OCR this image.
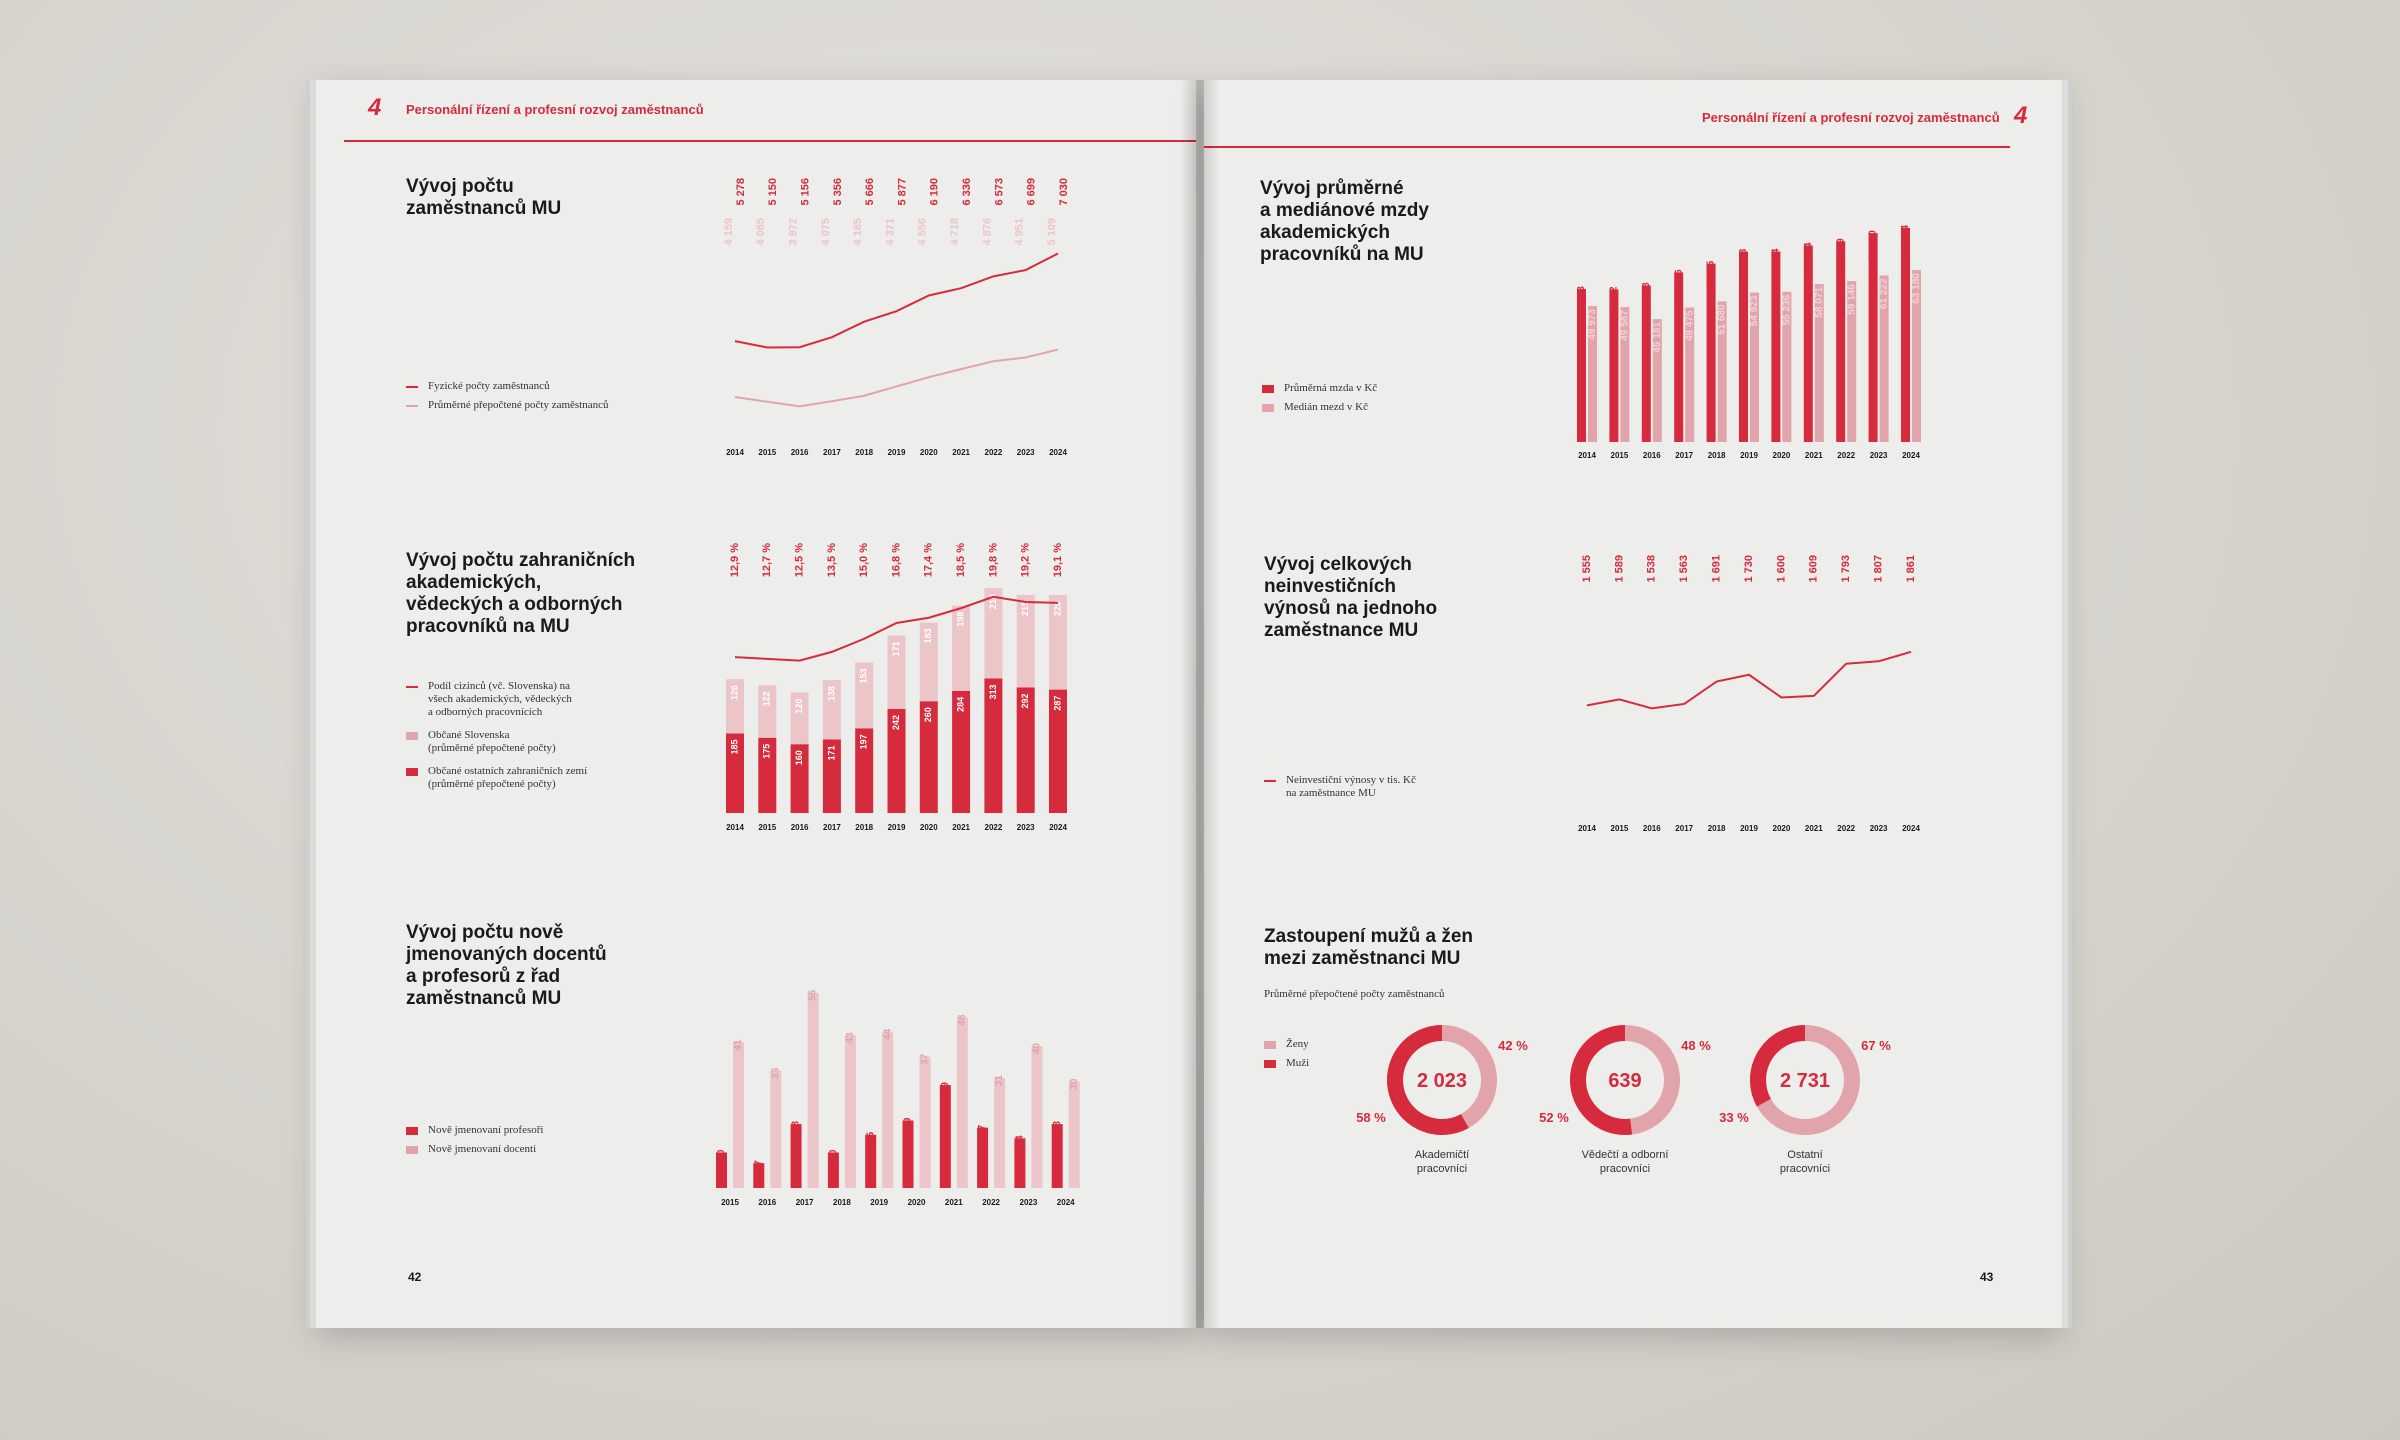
4 Personální řízení a profesní rozvoj zaměstnanců
Vývoj počtu
zaměstnanců MU
Fyzické počty zaměstnanců
Průměrné přepočtené počty zaměstnanců
Vývoj počtu zahraničních
akademických,
vědeckých a odborných
pracovníků na MU
Podíl cizinců (vč. Slovenska) na
všech akademických, vědeckých
a odborných pracovnících
Občané Slovenska
(průměrné přepočtené počty)
Občané ostatních zahraničních zemí
(průměrné přepočtené počty)
Vývoj počtu nově
jmenovaných docentů
a profesorů z řad
zaměstnanců MU
Nově jmenovaní profesoři
Nově jmenovaní docenti
42
Personální řízení a profesní rozvoj zaměstnanců 4
Vývoj průměrné
a mediánové mzdy
akademických
pracovníků na MU
Průměrná mzda v Kč
Medián mezd v Kč
Vývoj celkových
neinvestičních
výnosů na jednoho
zaměstnance MU
Neinvestiční výnosy v tis. Kč
na zaměstnance MU
Zastoupení mužů a žen
mezi zaměstnanci MU
Průměrné přepočtené počty zaměstnanců
Ženy
Muži
43
5 278
4 159
5 150
4 065
5 156
3 972
5 356
4 075
5 666
4 185
5 877
4 371
6 190
4 556
6 336
4 718
6 573
4 876
6 699
4 951
7 030
5 109
2014 2015 2016 2017 2018 2019 2020 2021 2022 2023 2024
12,9 %
185
126
12,7 %
175
122
12,5 %
160
120
13,5 %
171
138
15,0 %
197
153
16,8 %
242
171
17,4 %
260
183
18,5 %
284
198
19,8 %
313
210
19,2 %
292
215
19,1 %
287
220
2014 2015 2016 2017 2018 2019 2020 2021 2022 2023 2024
10
41
7
33
18
55
10
43
15
44
19
37
29
48
17
31
14
40
18
30
2015 2016 2017 2018 2019 2020 2021 2022 2023 2024
56 203
49 973
56 092
49 587
57 558
45 181
62 356
49 475
65 575
51 680
69 983
54 923
70 004
55 236
72 264
58 071
73 779
59 146
76 780
61 222
78 704
63 180
2014 2015 2016 2017 2018 2019 2020 2021 2022 2023 2024
1 555 1 589 1 538 1 563 1 691 1 730 1 600 1 609 1 793 1 807 1 861
2014 2015 2016 2017 2018 2019 2020 2021 2022 2023 2024
2 023
42 %
58 %
Akademičtí
pracovníci
639
48 %
52 %
Vědečtí a odborní
pracovníci
2 731
67 %
33 %
Ostatní
pracovníci
